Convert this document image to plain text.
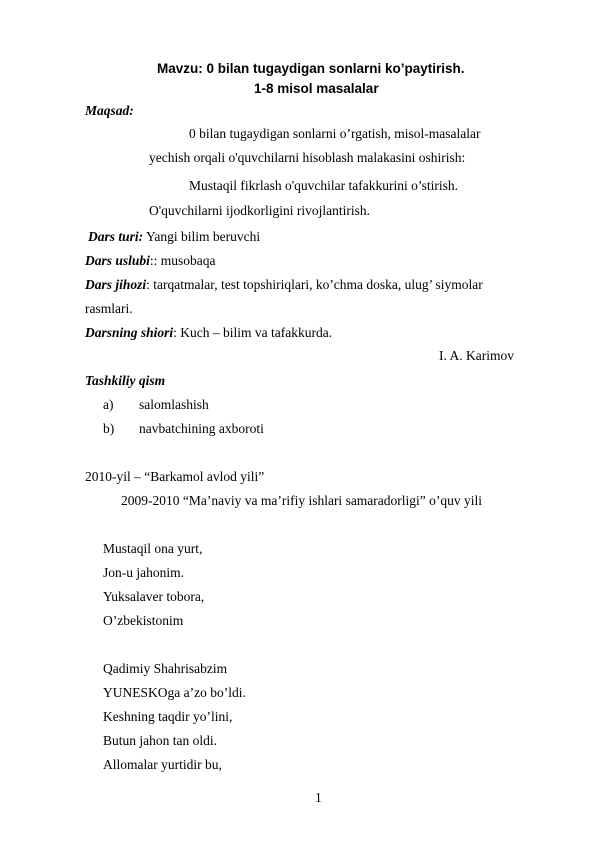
Mavzu: 0 bilan tugaydigan sonlarni ko’paytirish.
1-8 misol masalalar
Maqsad:
0 bilan tugaydigan sonlarni o’rgatish, misol-masalalar
yechish orqali o'quvchilarni hisoblash malakasini oshirish:
Mustaqil fikrlash o'quvchilar tafakkurini o’stirish.
O'quvchilarni ijodkorligini rivojlantirish.
Dars turi: Yangi bilim beruvchi
Dars uslubi:: musobaqa
Dars jihozi: tarqatmalar, test topshiriqlari, ko’chma doska, ulug’ siymolar
rasmlari.
Darsning shiori: Kuch – bilim va tafakkurda.
I. A. Karimov
Tashkiliy qism
a) salomlashish
b) navbatchining axboroti
2010-yil – “Barkamol avlod yili”
2009-2010 “Ma’naviy va ma’rifiy ishlari samaradorligi” o’quv yili
Mustaqil ona yurt,
Jon-u jahonim.
Yuksalaver tobora,
O’zbekistonim
Qadimiy Shahrisabzim
YUNESKOga a’zo bo’ldi.
Keshning taqdir yo’lini,
Butun jahon tan oldi.
Allomalar yurtidir bu,
1
